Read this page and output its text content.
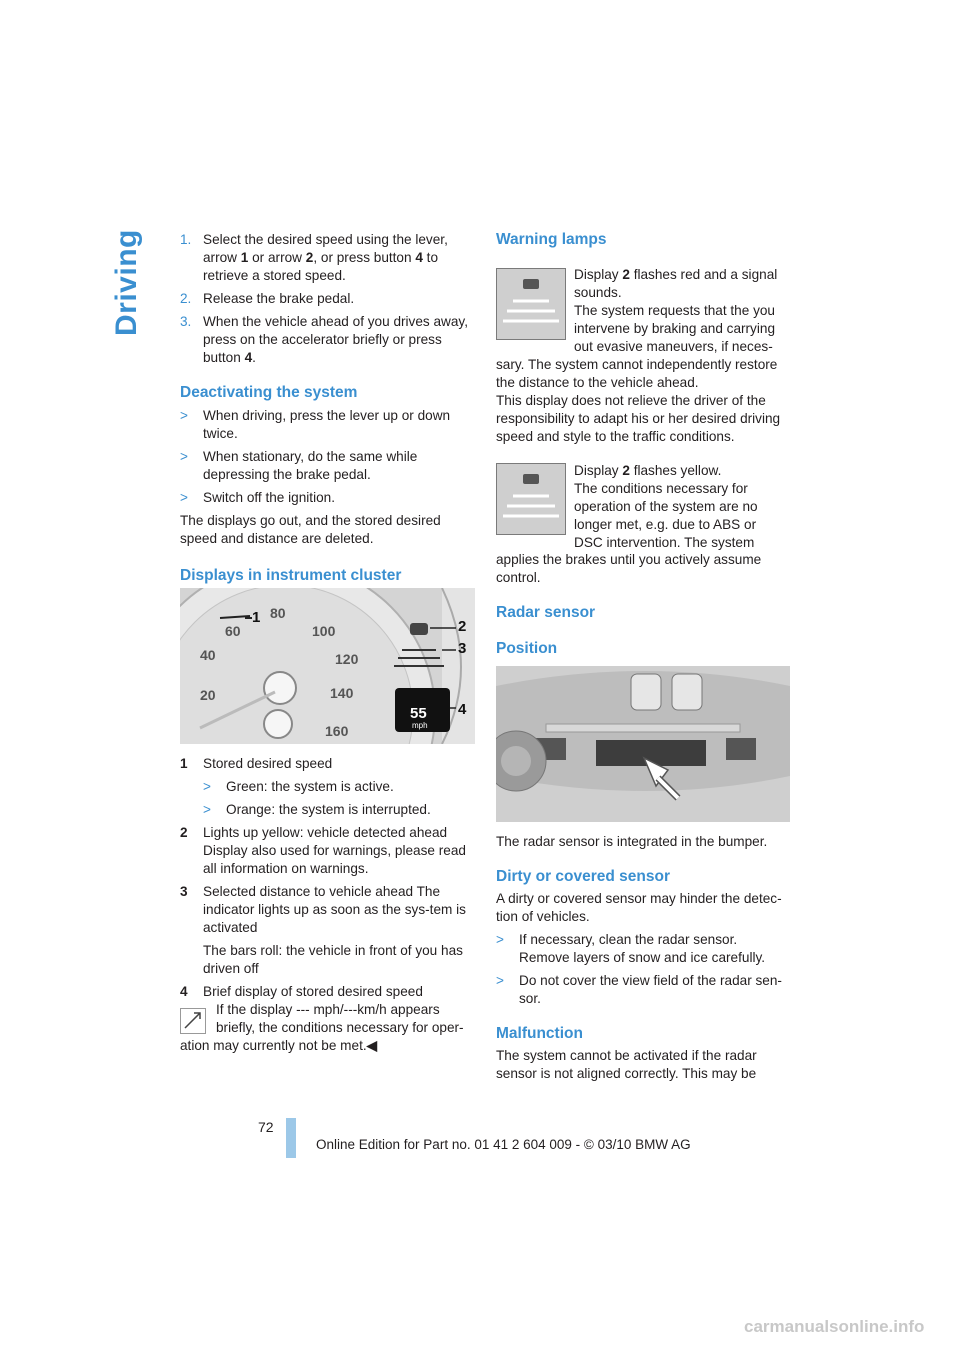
Driving	1. Select the desired speed using the lever, arrow 1 or arrow 2, or press button 4 to retrieve a stored speed.
2. Release the brake pedal.
3. When the vehicle ahead of you drives away, press on the accelerator briefly or press button 4.
Deactivating the system
> When driving, press the lever up or down twice.
> When stationary, do the same while depressing the brake pedal.
> Switch off the ignition.

The displays go out, and the stored desired speed and distance are deleted.

Displays in instrument cluster
40
60
80
100
120
140
160
20
1
2
3
4
55
mph
1 Stored desired speed
> Green: the system is active.
> Orange: the system is interrupted.
2 Lights up yellow: vehicle detected ahead Display also used for warnings, please read all information on warnings.
3 Selected distance to vehicle ahead The indicator lights up as soon as the sys-tem is activated
The bars roll: the vehicle in front of you has driven off
4 Brief display of stored desired speed
If the display --- mph/---km/h appears briefly, the conditions necessary for oper-
ation may currently not be met.◀
Warning lamps
Display 2 flashes red and a signal sounds.
The system requests that the you intervene by braking and carrying out evasive maneuvers, if neces-
sary. The system cannot independently restore the distance to the vehicle ahead.
This display does not relieve the driver of the responsibility to adapt his or her desired driving speed and style to the traffic conditions.
Display 2 flashes yellow.
The conditions necessary for operation of the system are no longer met, e.g. due to ABS or DSC intervention. The system
applies the brakes until you actively assume control.
Radar sensor
Position
The radar sensor is integrated in the bumper.
Dirty or covered sensor
A dirty or covered sensor may hinder the detec-tion of vehicles.
> If necessary, clean the radar sensor. Remove layers of snow and ice carefully.
> Do not cover the view field of the radar sen-sor.
Malfunction
The system cannot be activated if the radar sensor is not aligned correctly. This may be
72
Online Edition for Part no. 01 41 2 604 009 - © 03/10 BMW AG
carmanualsonline.info
